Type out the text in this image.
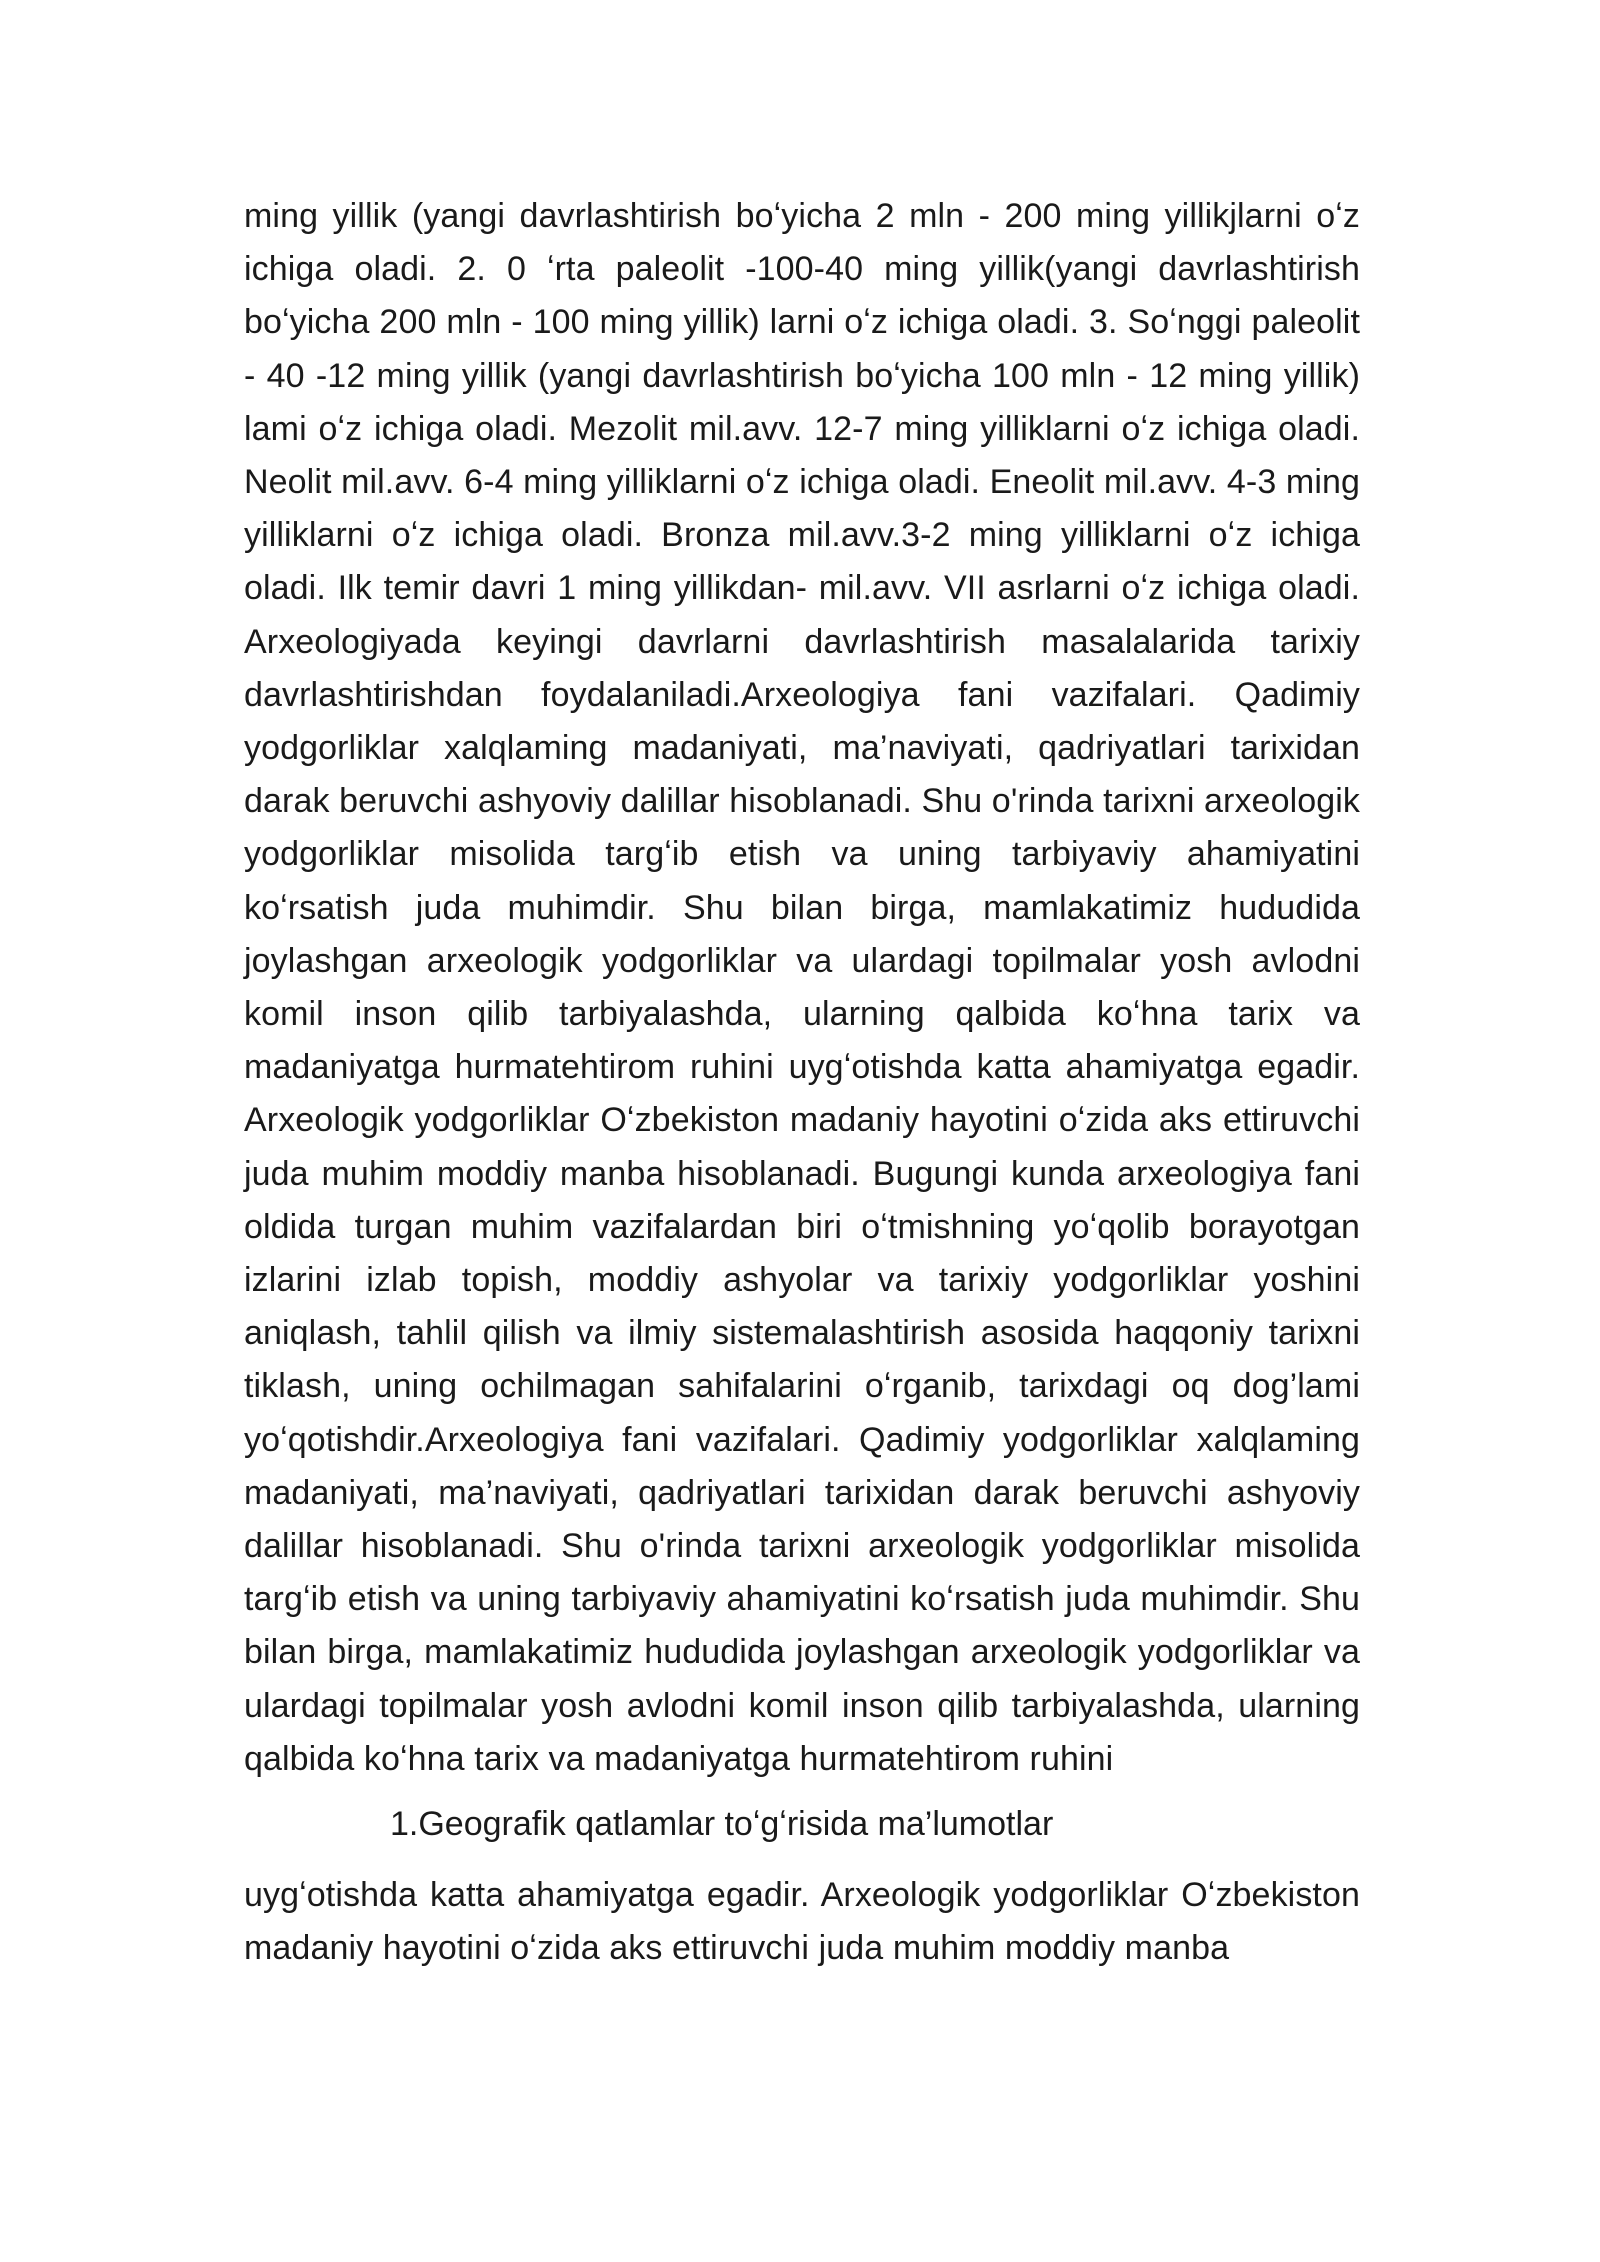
ming yillik (yangi davrlashtirish boʻyicha 2 mln - 200 ming yillikjlarni oʻz ichiga oladi. 2. 0 ʻrta paleolit -100-40 ming yillik(yangi davrlashtirish boʻyicha 200 mln - 100 ming yillik) larni oʻz ichiga oladi. 3. Soʻnggi paleolit - 40 -12 ming yillik (yangi davrlashtirish boʻyicha 100 mln - 12 ming yillik) lami oʻz ichiga oladi. Mezolit mil.avv. 12-7 ming yilliklarni oʻz ichiga oladi. Neolit mil.avv. 6-4 ming yilliklarni oʻz ichiga oladi. Eneolit mil.avv. 4-3 ming yilliklarni oʻz ichiga oladi. Bronza mil.avv.3-2 ming yilliklarni oʻz ichiga oladi. Ilk temir davri 1 ming yillikdan- mil.avv. VII asrlarni oʻz ichiga oladi. Arxeologiyada keyingi davrlarni davrlashtirish masalalarida tarixiy davrlashtirishdan foydalaniladi.Arxeologiya fani vazifalari. Qadimiy yodgorliklar xalqlaming madaniyati, ma’naviyati, qadriyatlari tarixidan darak beruvchi ashyoviy dalillar hisoblanadi. Shu o'rinda tarixni arxeologik yodgorliklar misolida targʻib etish va uning tarbiyaviy ahamiyatini koʻrsatish juda muhimdir. Shu bilan birga, mamlakatimiz hududida joylashgan arxeologik yodgorliklar va ulardagi topilmalar yosh avlodni komil inson qilib tarbiyalashda, ularning qalbida koʻhna tarix va madaniyatga hurmatehtirom ruhini uygʻotishda katta ahamiyatga egadir. Arxeologik yodgorliklar Oʻzbekiston madaniy hayotini oʻzida aks ettiruvchi juda muhim moddiy manba hisoblanadi. Bugungi kunda arxeologiya fani oldida turgan muhim vazifalardan biri oʻtmishning yoʻqolib borayotgan izlarini izlab topish, moddiy ashyolar va tarixiy yodgorliklar yoshini aniqlash, tahlil qilish va ilmiy sistemalashtirish asosida haqqoniy tarixni tiklash, uning ochilmagan sahifalarini oʻrganib, tarixdagi oq dog’lami yoʻqotishdir.Arxeologiya fani vazifalari. Qadimiy yodgorliklar xalqlaming madaniyati, ma’naviyati, qadriyatlari tarixidan darak beruvchi ashyoviy dalillar hisoblanadi. Shu o'rinda tarixni arxeologik yodgorliklar misolida targʻib etish va uning tarbiyaviy ahamiyatini koʻrsatish juda muhimdir. Shu bilan birga, mamlakatimiz hududida joylashgan arxeologik yodgorliklar va ulardagi topilmalar yosh avlodni komil inson qilib tarbiyalashda, ularning qalbida koʻhna tarix va madaniyatga hurmatehtirom ruhini

1.Geografik qatlamlar toʻgʻrisida ma’lumotlar

uygʻotishda katta ahamiyatga egadir. Arxeologik yodgorliklar Oʻzbekiston madaniy hayotini oʻzida aks ettiruvchi juda muhim moddiy manba
